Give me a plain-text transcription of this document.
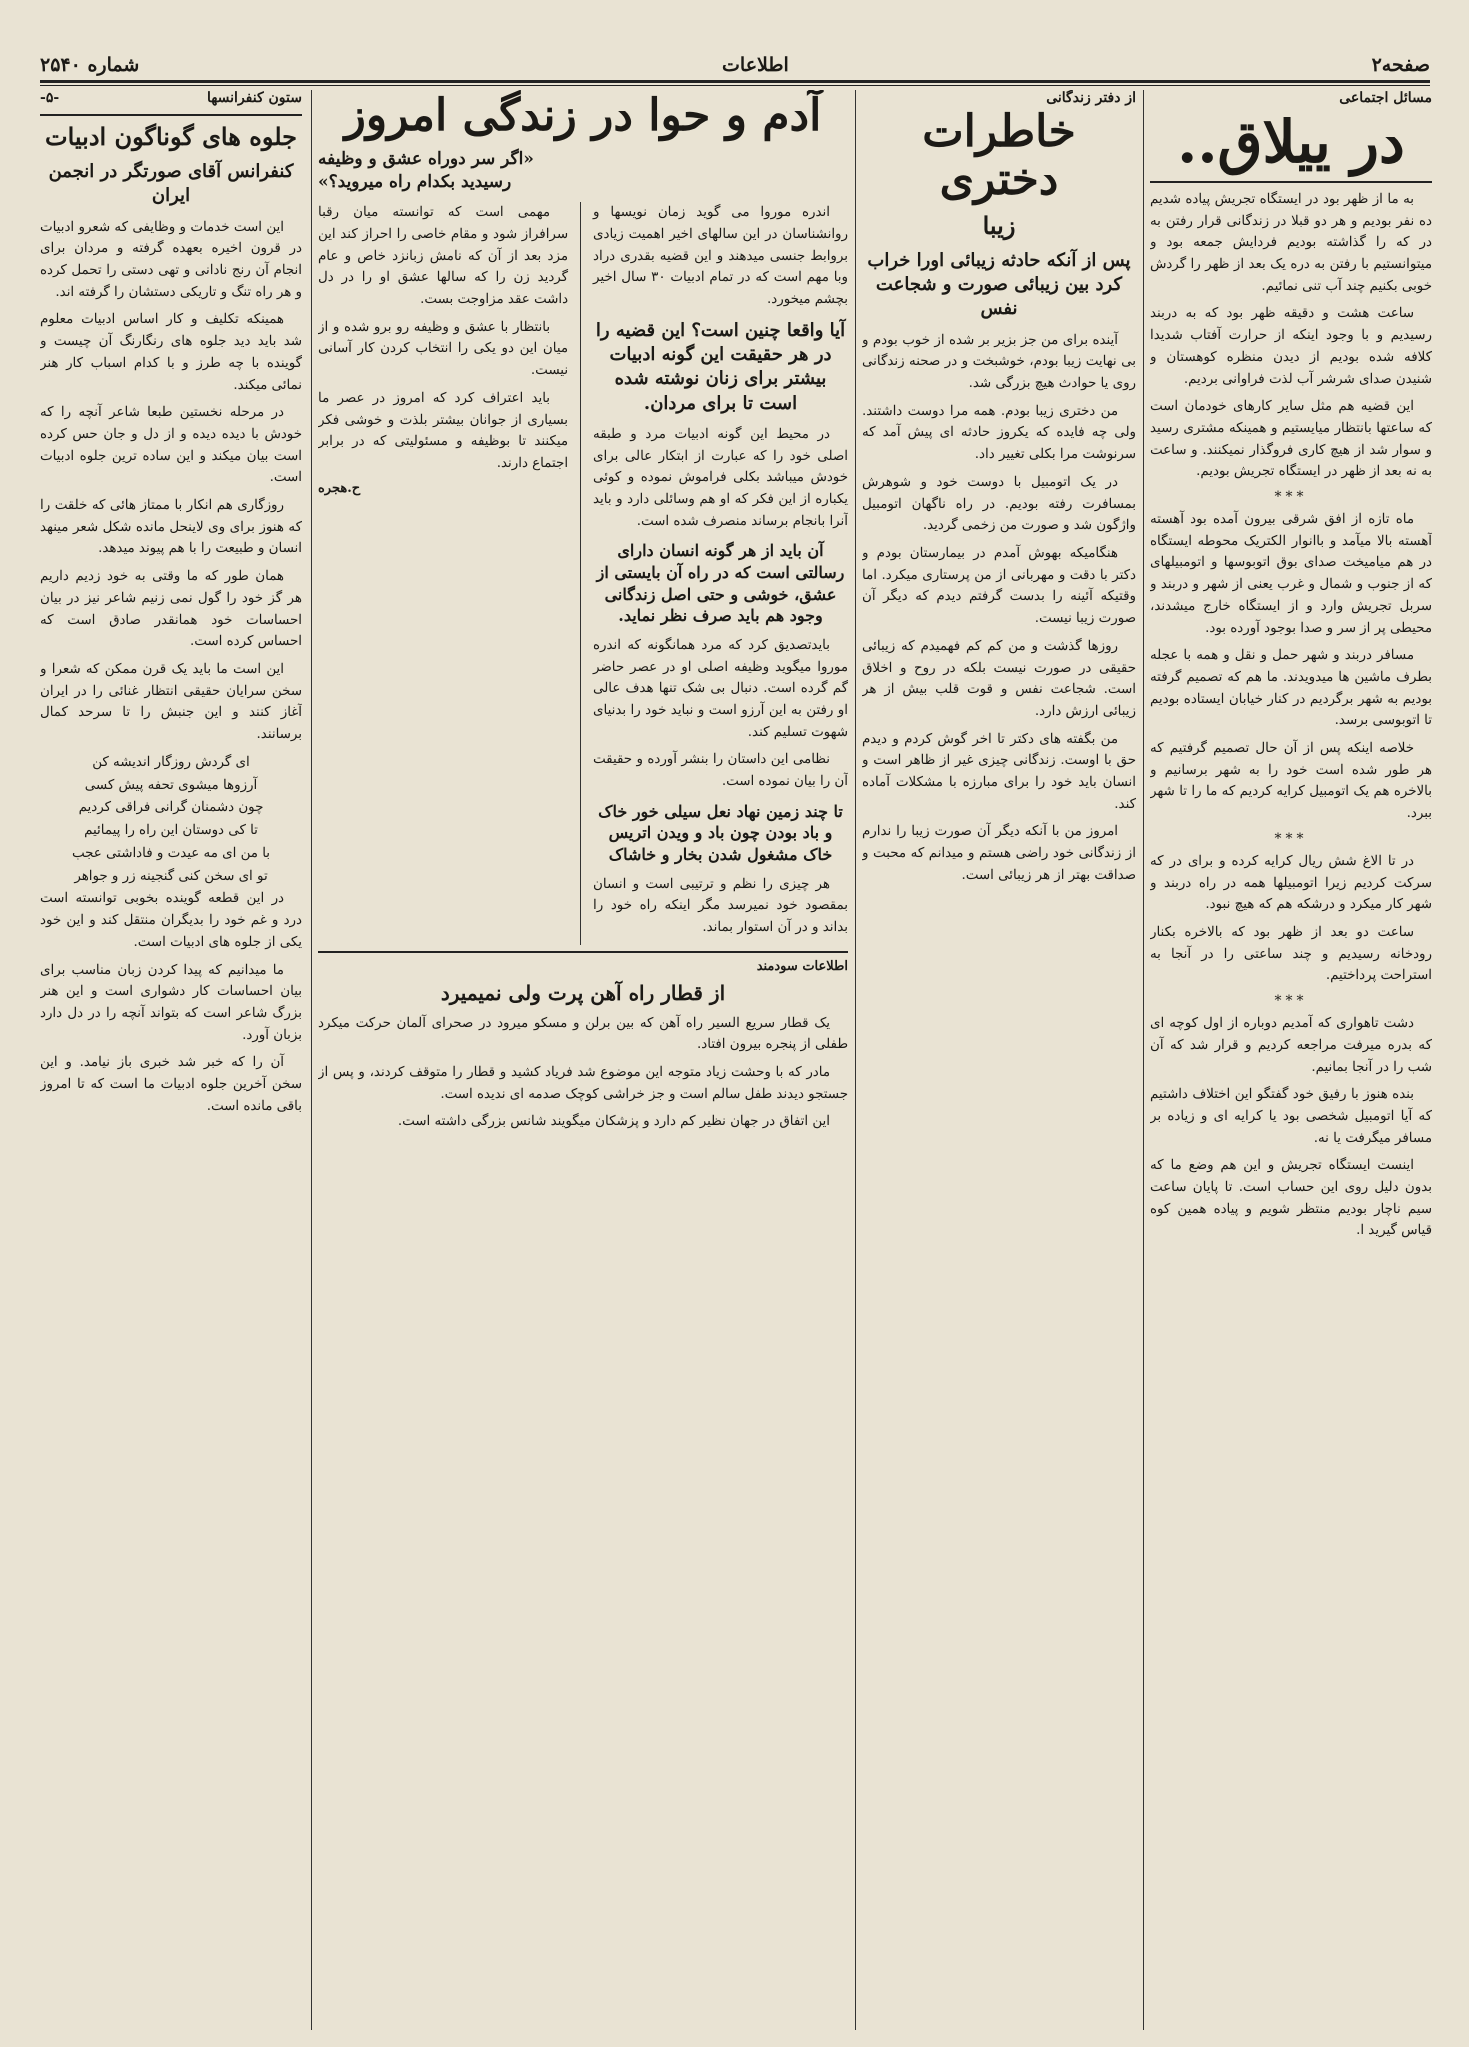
صفحه۲
اطلاعات
شماره ۲۵۴۰
مسائل اجتماعی
در ییلاق..

به ما از ظهر بود در ایستگاه تجریش پیاده شدیم ده نفر بودیم و هر دو قبلا در زندگانی قرار رفتن به در که را گذاشته بودیم فردایش جمعه بود و میتوانستیم با رفتن به دره یک بعد از ظهر را گردش خوبی بکنیم چند آب تنی نمائیم.

ساعت هشت و دقیقه ظهر بود که به دربند رسیدیم و با وجود اینکه از حرارت آفتاب شدیدا کلافه شده بودیم از دیدن منظره کوهستان و شنیدن صدای شرشر آب لذت فراوانی بردیم.

این قضیه هم مثل سایر کارهای خودمان است که ساعتها بانتظار میایستیم و همینکه مشتری رسید و سوار شد از هیچ کاری فروگذار نمیکنند. و ساعت به نه بعد از ظهر در ایستگاه تجریش بودیم.

***

ماه تازه از افق شرقی بیرون آمده بود آهسته آهسته بالا میآمد و باانوار الکتریک محوطه ایستگاه در هم میامیخت صدای بوق اتوبوسها و اتومبیلهای که از جنوب و شمال و غرب یعنی از شهر و دربند و سربل تجریش وارد و از ایستگاه خارج میشدند، محیطی پر از سر و صدا بوجود آورده بود.

مسافر دربند و شهر حمل و نقل و همه با عجله بطرف ماشین ها میدویدند. ما هم که تصمیم گرفته بودیم به شهر برگردیم در کنار خیابان ایستاده بودیم تا اتوبوسی برسد.

خلاصه اینکه پس از آن حال تصمیم گرفتیم که هر طور شده است خود را به شهر برسانیم و بالاخره هم یک اتومبیل کرایه کردیم که ما را تا شهر ببرد.

***

در تا الاغ شش ریال کرایه کرده و برای در که سرکت کردیم زیرا اتومبیلها همه در راه دربند و شهر کار میکرد و درشکه هم که هیچ نبود.

ساعت دو بعد از ظهر بود که بالاخره بکنار رودخانه رسیدیم و چند ساعتی را در آنجا به استراحت پرداختیم.

***

دشت تاهواری که آمدیم دوباره از اول کوچه ای که بدره میرفت مراجعه کردیم و قرار شد که آن شب را در آنجا بمانیم.

بنده هنوز با رفیق خود گفتگو این اختلاف داشتیم که آیا اتومبیل شخصی بود یا کرایه ای و زیاده بر مسافر میگرفت یا نه.

اینست ایستگاه تجریش و این هم وضع ما که بدون دلیل روی این حساب است. تا پایان ساعت سیم ناچار بودیم منتظر شویم و پیاده همین کوه قیاس گیرید ا.

از دفتر زندگانی
خاطرات دختری
زیبا
پس از آنکه حادثه زیبائی اورا خراب کرد بین زیبائی صورت و شجاعت نفس

آینده برای من جز بزیر بر شده از خوب بودم و بی نهایت زیبا بودم، خوشبخت و در صحنه زندگانی روی یا حوادث هیچ بزرگی شد.

من دختری زیبا بودم. همه مرا دوست داشتند. ولی چه فایده که یکروز حادثه ای پیش آمد که سرنوشت مرا بکلی تغییر داد.

در یک اتومبیل با دوست خود و شوهرش بمسافرت رفته بودیم. در راه ناگهان اتومبیل واژگون شد و صورت من زخمی گردید.

هنگامیکه بهوش آمدم در بیمارستان بودم و دکتر با دقت و مهربانی از من پرستاری میکرد. اما وقتیکه آئینه را بدست گرفتم دیدم که دیگر آن صورت زیبا نیست.

روزها گذشت و من کم کم فهمیدم که زیبائی حقیقی در صورت نیست بلکه در روح و اخلاق است. شجاعت نفس و قوت قلب بیش از هر زیبائی ارزش دارد.

من بگفته های دکتر تا اخر گوش کردم و دیدم حق با اوست. زندگانی چیزی غیر از ظاهر است و انسان باید خود را برای مبارزه با مشکلات آماده کند.

امروز من با آنکه دیگر آن صورت زیبا را ندارم از زندگانی خود راضی هستم و میدانم که محبت و صداقت بهتر از هر زیبائی است.

آدم و حوا در زندگی امروز
«اگر سر دوراه عشق و وظیفه
رسیدید بکدام راه میروید؟»

اندره موروا می گوید زمان نویسها و روانشناسان در این سالهای اخیر اهمیت زیادی بروابط جنسی میدهند و این قضیه بقدری دراد وبا مهم است که در تمام ادبیات ۳۰ سال اخیر بچشم میخورد.

آیا واقعا چنین است؟ این قضیه را در هر حقیقت این گونه ادبیات بیشتر برای زنان نوشته شده است تا برای مردان.

در محیط این گونه ادبیات مرد و طبقه اصلی خود را که عبارت از ابتکار عالی برای خودش میباشد بکلی فراموش نموده و کوئی یکباره از این فکر که او هم وسائلی دارد و باید آنرا بانجام برساند منصرف شده است.

آن باید از هر گونه انسان دارای رسالتی است که در راه آن بایستی از عشق، خوشی و حتی اصل زندگانی وجود هم باید صرف نظر نماید.

بایدتصدیق کرد که مرد همانگونه که اندره موروا میگوید وظیفه اصلی او در عصر حاضر گم گرده است. دنبال بی شک تنها هدف عالی او رفتن به این آرزو است و نباید خود را بدنیای شهوت تسلیم کند.

نظامی این داستان را بنشر آورده و حقیقت آن را بیان نموده است.

تا چند زمین نهاد نعل سیلی خور خاک و باد بودن چون باد و ویدن اتریس خاک مشغول شدن بخار و خاشاک

هر چیزی را نظم و ترتیبی است و انسان بمقصود خود نمیرسد مگر اینکه راه خود را بداند و در آن استوار بماند.

مهمی است که توانسته میان رقبا سرافراز شود و مقام خاصی را احراز کند این مزد بعد از آن که نامش زبانزد خاص و عام گردید زن را که سالها عشق او را در دل داشت عقد مزاوجت بست.

بانتظار با عشق و وظیفه رو برو شده و از میان این دو یکی را انتخاب کردن کار آسانی نیست.

باید اعتراف کرد که امروز در عصر ما بسیاری از جوانان بیشتر بلذت و خوشی فکر میکنند تا بوظیفه و مسئولیتی که در برابر اجتماع دارند.

ح.هجره
اطلاعات سودمند
از قطار راه آهن پرت ولی نمیمیرد

یک قطار سریع السیر راه آهن که بین برلن و مسکو میرود در صحرای آلمان حرکت میکرد طفلی از پنجره بیرون افتاد.

مادر که با وحشت زیاد متوجه این موضوع شد فریاد کشید و قطار را متوقف کردند، و پس از جستجو دیدند طفل سالم است و جز خراشی کوچک صدمه ای ندیده است.

این اتفاق در جهان نظیر کم دارد و پزشکان میگویند شانس بزرگی داشته است.

ستون کنفرانسها
-۵-
جلوه های گوناگون ادبیات
کنفرانس آقای صورتگر در انجمن ایران

این است خدمات و وظایفی که شعرو ادبیات در قرون اخیره بعهده گرفته و مردان برای انجام آن رنج نادانی و تهی دستی را تحمل کرده و هر راه تنگ و تاریکی دستشان را گرفته اند.

همینکه تکلیف و کار اساس ادبیات معلوم شد باید دید جلوه های رنگارنگ آن چیست و گوینده با چه طرز و با کدام اسباب کار هنر نمائی میکند.

در مرحله نخستین طبعا شاعر آنچه را که خودش با دیده دیده و از دل و جان حس کرده است بیان میکند و این ساده ترین جلوه ادبیات است.

روزگاری هم انکار با ممتاز هائی که خلقت را که هنوز برای وی لاینحل مانده شکل شعر مینهد انسان و طبیعت را با هم پیوند میدهد.

همان طور که ما وقتی به خود زدیم داریم هر گز خود را گول نمی زنیم شاعر نیز در بیان احساسات خود همانقدر صادق است که احساس کرده است.

این است ما باید یک قرن ممکن که شعرا و سخن سرایان حقیقی انتظار غنائی را در ایران آغاز کنند و این جنبش را تا سرحد کمال برسانند.

ای گردش روزگار اندیشه کن

آرزوها میشوی تحفه پیش کسی

چون دشمنان گرانی فراقی کردیم

تا کی دوستان این راه را پیمائیم

با من ای مه عیدت و فاداشتی عجب

تو ای سخن کنی گنجینه زر و جواهر

در این قطعه گوینده بخوبی توانسته است درد و غم خود را بدیگران منتقل کند و این خود یکی از جلوه های ادبیات است.

ما میدانیم که پیدا کردن زبان مناسب برای بیان احساسات کار دشواری است و این هنر بزرگ شاعر است که بتواند آنچه را در دل دارد بزبان آورد.

آن را که خبر شد خبری باز نیامد. و این سخن آخرین جلوه ادبیات ما است که تا امروز باقی مانده است.
